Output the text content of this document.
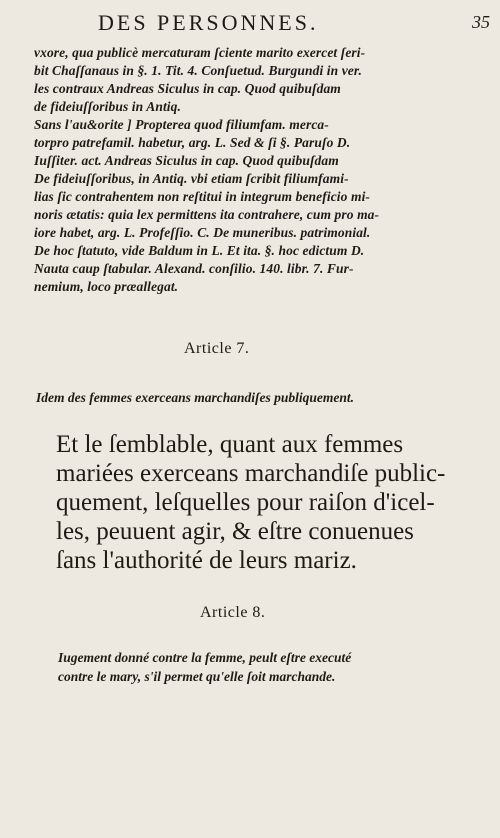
DES PERSONNES.	35
vxore, qua publicè mercaturam ſciente marito exercet ſeri-
bit Chaſſanaus in §. 1. Tit. 4. Conſuetud. Burgundi in ver.
les contraux Andreas Siculus in cap. Quod quibuſdam
de fideiuſſoribus in Antiq.
Sans l'au&orite ] Propterea quod filiumfam. merca-
torpro patrefamil. habetur, arg. L. Sed & ſi §. Paruſo D.
Iuſſiter. act. Andreas Siculus in cap. Quod quibuſdam
De fideiuſſoribus, in Antiq. vbi etiam ſcribit filiumfami-
lias ſic contrahentem non reſtitui in integrum beneficio mi-
noris ætatis: quia lex permittens ita contrahere, cum pro ma-
iore habet, arg. L. Profeſſio. C. De muneribus. patrimonial.
De hoc ſtatuto, vide Baldum in L. Et ita. §. hoc edictum D.
Nauta caup ſtabular. Alexand. conſilio. 140. libr. 7. Fur-
nemium, loco præallegat.
Article 7.
Idem des femmes exerceans marchandiſes publiquement.
Et le ſemblable, quant aux femmes
mariées exerceans marchandiſe public-
quement, leſquelles pour raiſon d'icel-
les, peuuent agir, & eſtre conuenues
ſans l'authorité de leurs mariz.
Article 8.
Iugement donné contre la femme, peult eſtre executé
contre le mary, s'il permet qu'elle ſoit marchande.
